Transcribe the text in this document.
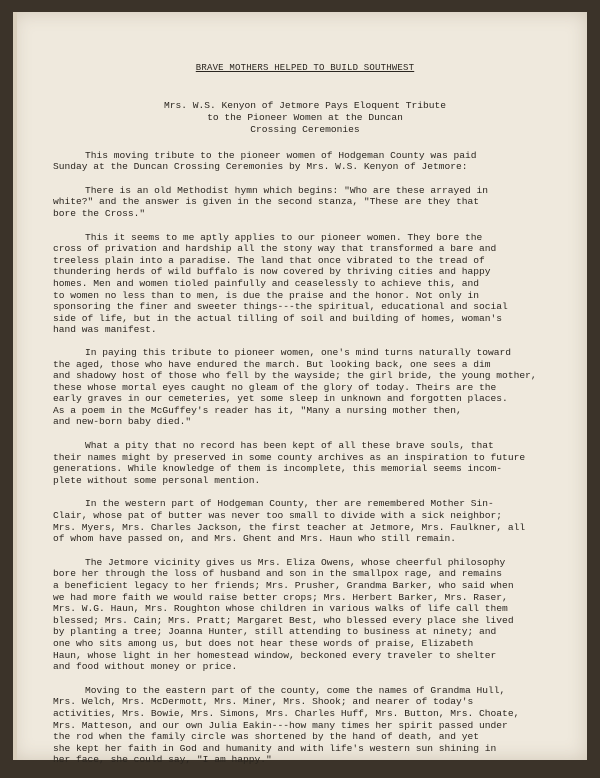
BRAVE MOTHERS HELPED TO BUILD SOUTHWEST
Mrs. W.S. Kenyon of Jetmore Pays Eloquent Tribute
to the Pioneer Women at the Duncan
Crossing Ceremonies
This moving tribute to the pioneer women of Hodgeman County was paid
Sunday at the Duncan Crossing Ceremonies by Mrs. W.S. Kenyon of Jetmore:
There is an old Methodist hymn which begins: "Who are these arrayed in
white?" and the answer is given in the second stanza, "These are they that
bore the Cross."
This it seems to me aptly applies to our pioneer women. They bore the
cross of privation and hardship all the stony way that transformed a bare and
treeless plain into a paradise. The land that once vibrated to the tread of
thundering herds of wild buffalo is now covered by thriving cities and happy
homes. Men and women tioled painfully and ceaselessly to achieve this, and
to women no less than to men, is due the praise and the honor. Not only in
sponsoring the finer and sweeter things---the spiritual, educational and social
side of life, but in the actual tilling of soil and building of homes, woman's
hand was manifest.
In paying this tribute to pioneer women, one's mind turns naturally toward
the aged, those who have endured the march. But looking back, one sees a dim
and shadowy host of those who fell by the wayside; the girl bride, the young mother,
these whose mortal eyes caught no gleam of the glory of today. Theirs are the
early graves in our cemeteries, yet some sleep in unknown and forgotten places.
As a poem in the McGuffey's reader has it, "Many a nursing mother then,
and new-born baby died."
What a pity that no record has been kept of all these brave souls, that
their names might by preserved in some county archives as an inspiration to future
generations. While knowledge of them is incomplete, this memorial seems incom-
plete without some personal mention.
In the western part of Hodgeman County, ther are remembered Mother Sin-
Clair, whose pat of butter was never too small to divide with a sick neighbor;
Mrs. Myers, Mrs. Charles Jackson, the first teacher at Jetmore, Mrs. Faulkner, all
of whom have passed on, and Mrs. Ghent and Mrs. Haun who still remain.
The Jetmore vicinity gives us Mrs. Eliza Owens, whose cheerful philosophy
bore her through the loss of husband and son in the smallpox rage, and remains
a beneficient legacy to her friends; Mrs. Prusher, Grandma Barker, who said when
we had more faith we would raise better crops; Mrs. Herbert Barker, Mrs. Raser,
Mrs. W.G. Haun, Mrs. Roughton whose children in various walks of life call them
blessed; Mrs. Cain; Mrs. Pratt; Margaret Best, who blessed every place she lived
by planting a tree; Joanna Hunter, still attending to business at ninety; and
one who sits among us, but does not hear these words of praise, Elizabeth
Haun, whose light in her homestead window, beckoned every traveler to shelter
and food without money or price.
Moving to the eastern part of the county, come the names of Grandma Hull,
Mrs. Welch, Mrs. McDermott, Mrs. Miner, Mrs. Shook; and nearer of today's
activities, Mrs. Bowie, Mrs. Simons, Mrs. Charles Huff, Mrs. Button, Mrs. Choate,
Mrs. Matteson, and our own Julia Eakin---how many times her spirit passed under
the rod when the family circle was shortened by the hand of death, and yet
she kept her faith in God and humanity and with life's western sun shining in
her face, she could say, "I am happy."
